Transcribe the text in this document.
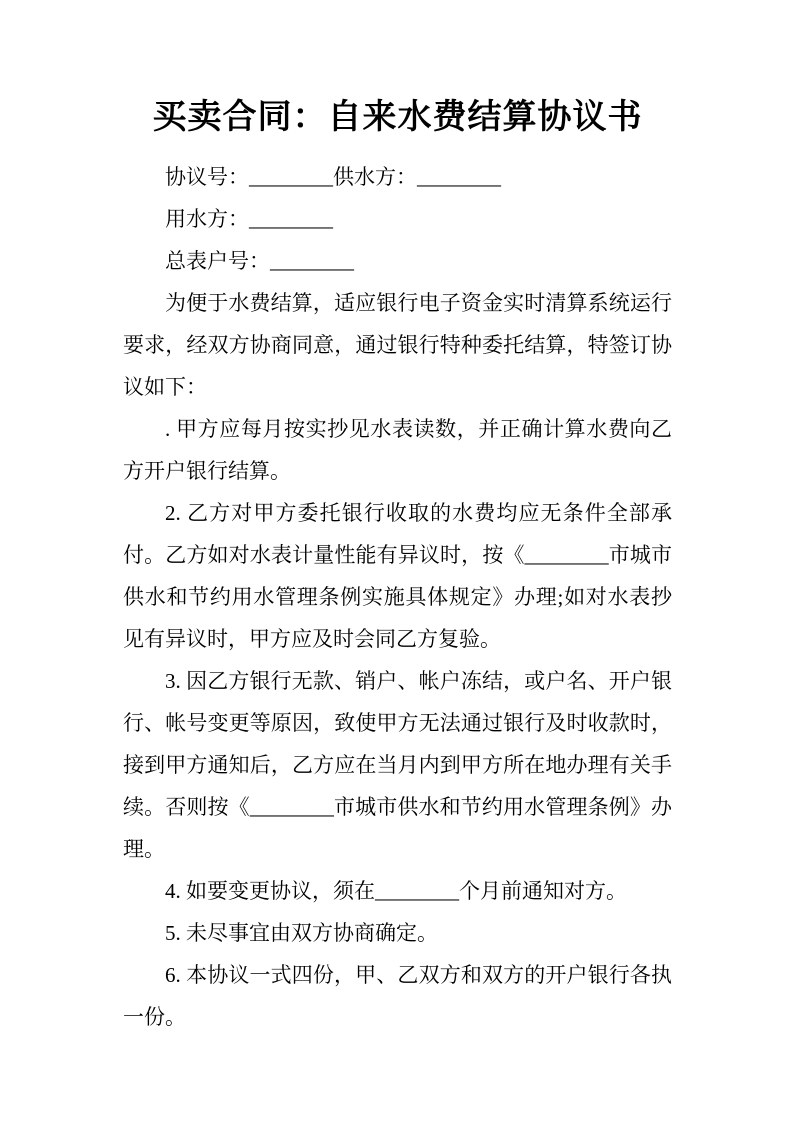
买卖合同：自来水费结算协议书

协议号：________供水方：________

用水方：________

总表户号：________

为便于水费结算，适应银行电子资金实时清算系统运行要求，经双方协商同意，通过银行特种委托结算，特签订协议如下：

. 甲方应每月按实抄见水表读数，并正确计算水费向乙方开户银行结算。

2. 乙方对甲方委托银行收取的水费均应无条件全部承付。乙方如对水表计量性能有异议时，按《________市城市供水和节约用水管理条例实施具体规定》办理;如对水表抄见有异议时，甲方应及时会同乙方复验。

3. 因乙方银行无款、销户、帐户冻结，或户名、开户银行、帐号变更等原因，致使甲方无法通过银行及时收款时，接到甲方通知后，乙方应在当月内到甲方所在地办理有关手续。否则按《________市城市供水和节约用水管理条例》办理。

4. 如要变更协议，须在________个月前通知对方。

5. 未尽事宜由双方协商确定。

6. 本协议一式四份，甲、乙双方和双方的开户银行各执一份。
